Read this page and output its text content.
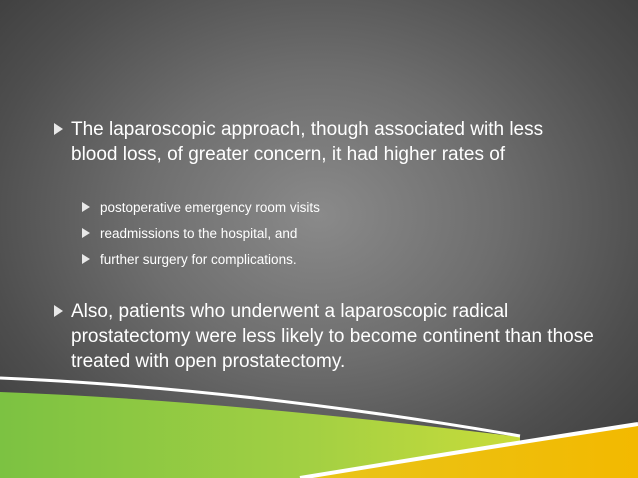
The laparoscopic approach, though associated with less blood loss, of greater concern, it had higher rates of
postoperative emergency room visits
readmissions to the hospital, and
further surgery for complications.
Also, patients who underwent a laparoscopic radical prostatectomy were less likely to become continent than those treated with open prostatectomy.
